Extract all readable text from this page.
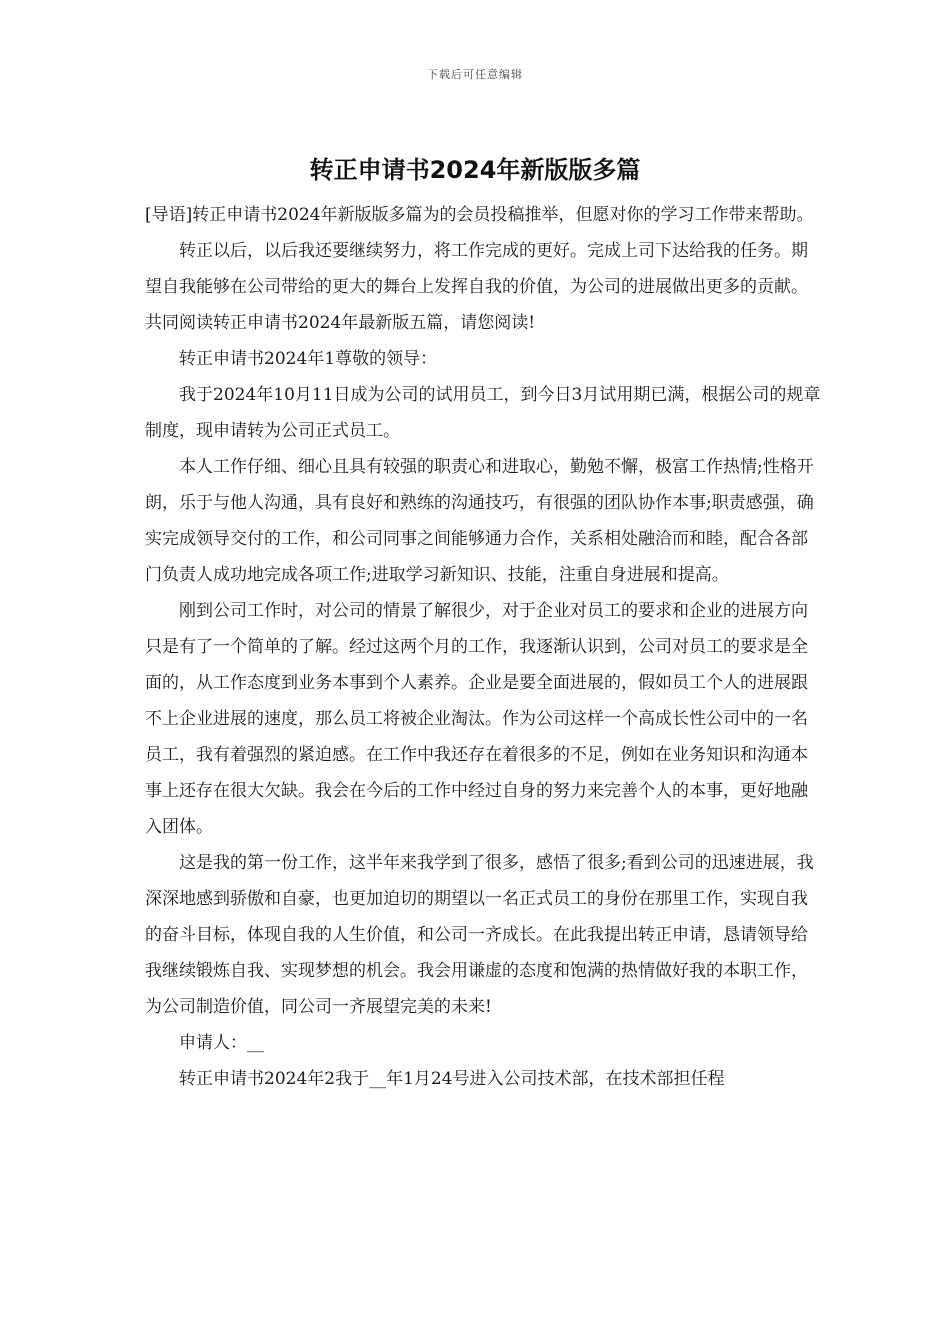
下载后可任意编辑
转正申请书2024年新版版多篇

[导语]转正申请书2024年新版版多篇为的会员投稿推举，但愿对你的学习工作带来帮助。

转正以后，以后我还要继续努力，将工作完成的更好。完成上司下达给我的任务。期望自我能够在公司带给的更大的舞台上发挥自我的价值，为公司的进展做出更多的贡献。共同阅读转正申请书2024年最新版五篇，请您阅读!

转正申请书2024年1尊敬的领导：

我于2024年10月11日成为公司的试用员工，到今日3月试用期已满，根据公司的规章制度，现申请转为公司正式员工。

本人工作仔细、细心且具有较强的职责心和进取心，勤勉不懈，极富工作热情;性格开朗，乐于与他人沟通，具有良好和熟练的沟通技巧，有很强的团队协作本事;职责感强，确实完成领导交付的工作，和公司同事之间能够通力合作，关系相处融洽而和睦，配合各部门负责人成功地完成各项工作;进取学习新知识、技能，注重自身进展和提高。

刚到公司工作时，对公司的情景了解很少，对于企业对员工的要求和企业的进展方向只是有了一个简单的了解。经过这两个月的工作，我逐渐认识到，公司对员工的要求是全面的，从工作态度到业务本事到个人素养。企业是要全面进展的，假如员工个人的进展跟不上企业进展的速度，那么员工将被企业淘汰。作为公司这样一个高成长性公司中的一名员工，我有着强烈的紧迫感。在工作中我还存在着很多的不足，例如在业务知识和沟通本事上还存在很大欠缺。我会在今后的工作中经过自身的努力来完善个人的本事，更好地融入团体。

这是我的第一份工作，这半年来我学到了很多，感悟了很多;看到公司的迅速进展，我深深地感到骄傲和自豪，也更加迫切的期望以一名正式员工的身份在那里工作，实现自我的奋斗目标，体现自我的人生价值，和公司一齐成长。在此我提出转正申请，恳请领导给我继续锻炼自我、实现梦想的机会。我会用谦虚的态度和饱满的热情做好我的本职工作，为公司制造价值，同公司一齐展望完美的未来!

申请人：__

转正申请书2024年2我于__年1月24号进入公司技术部，在技术部担任程
